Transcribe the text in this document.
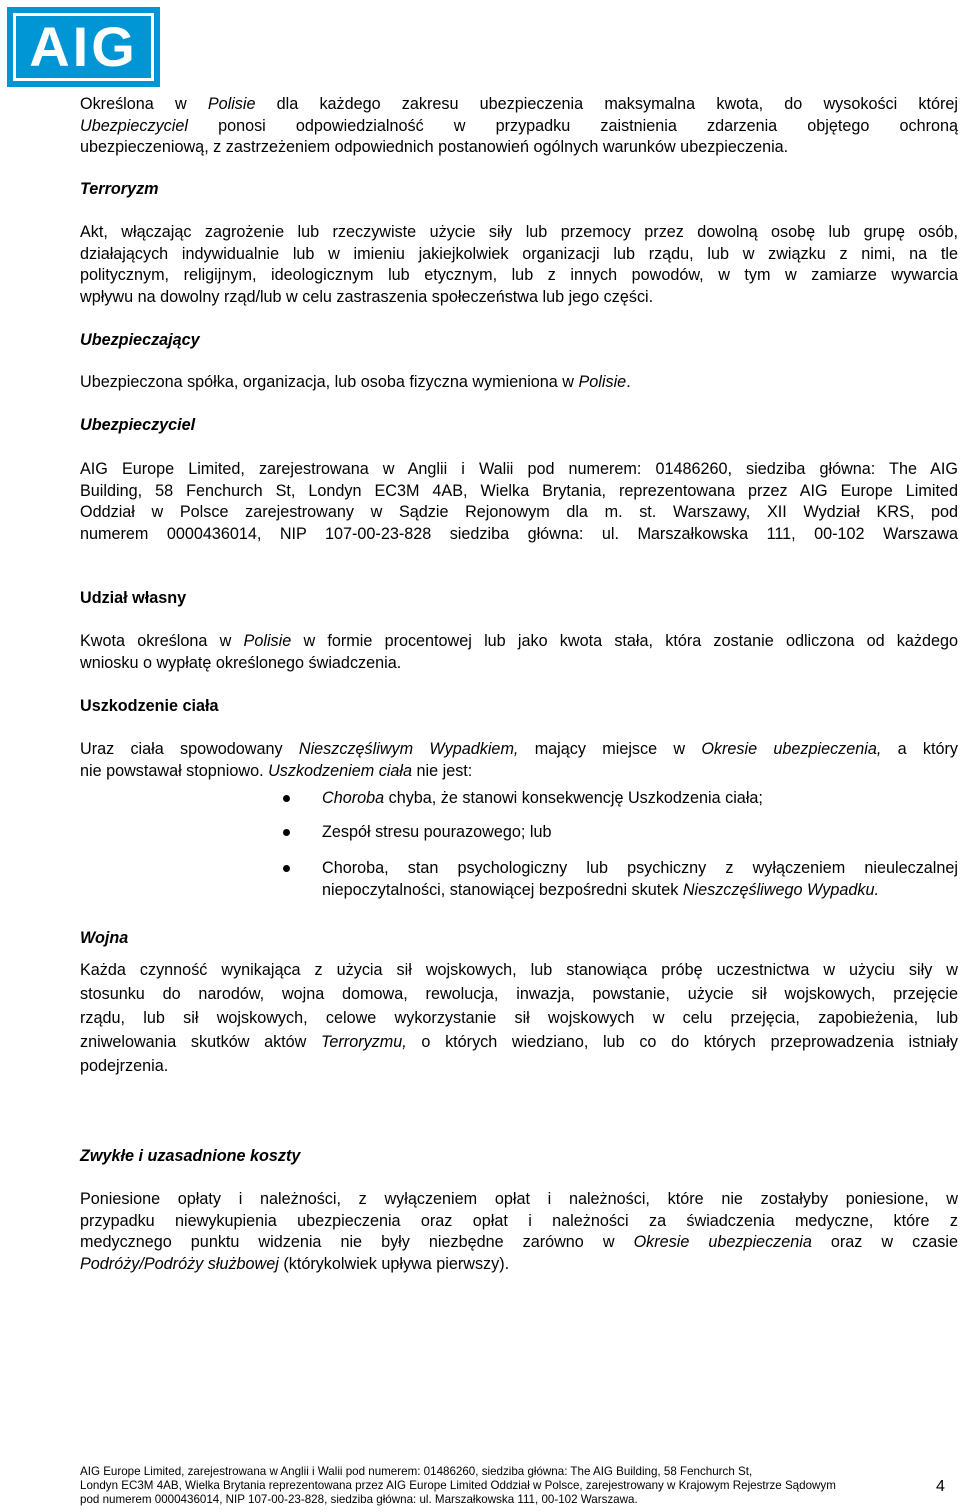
AIG
Określona w Polisie dla każdego zakresu ubezpieczenia maksymalna kwota, do wysokości której
Ubezpieczyciel ponosi odpowiedzialność w przypadku zaistnienia zdarzenia objętego ochroną
ubezpieczeniową, z zastrzeżeniem odpowiednich postanowień ogólnych warunków ubezpieczenia.
Terroryzm
Akt, włączając zagrożenie lub rzeczywiste użycie siły lub przemocy przez dowolną osobę lub grupę osób,
działających indywidualnie lub w imieniu jakiejkolwiek organizacji lub rządu, lub w związku z nimi, na tle
politycznym, religijnym, ideologicznym lub etycznym, lub z innych powodów, w tym w zamiarze wywarcia
wpływu na dowolny rząd/lub w celu zastraszenia społeczeństwa lub jego części.
Ubezpieczający
Ubezpieczona spółka, organizacja, lub osoba fizyczna wymieniona w Polisie.
Ubezpieczyciel
AIG Europe Limited, zarejestrowana w Anglii i Walii pod numerem: 01486260, siedziba główna: The AIG
Building, 58 Fenchurch St, Londyn EC3M 4AB, Wielka Brytania, reprezentowana przez AIG Europe Limited
Oddział w Polsce zarejestrowany w Sądzie Rejonowym dla m. st. Warszawy, XII Wydział KRS, pod
numerem 0000436014, NIP 107-00-23-828 siedziba główna: ul. Marszałkowska 111, 00-102 Warszawa
Udział własny
Kwota określona w Polisie w formie procentowej lub jako kwota stała, która zostanie odliczona od każdego
wniosku o wypłatę określonego świadczenia.
Uszkodzenie ciała
Uraz ciała spowodowany Nieszczęśliwym Wypadkiem, mający miejsce w Okresie ubezpieczenia, a który
nie powstawał stopniowo. Uszkodzeniem ciała nie jest:
Choroba chyba, że stanowi konsekwencję Uszkodzenia ciała;
Zespół stresu pourazowego; lub
Choroba, stan psychologiczny lub psychiczny z wyłączeniem nieuleczalnej
niepoczytalności, stanowiącej bezpośredni skutek Nieszczęśliwego Wypadku.
Wojna
Każda czynność wynikająca z użycia sił wojskowych, lub stanowiąca próbę uczestnictwa w użyciu siły w
stosunku do narodów, wojna domowa, rewolucja, inwazja, powstanie, użycie sił wojskowych, przejęcie
rządu, lub sił wojskowych, celowe wykorzystanie sił wojskowych w celu przejęcia, zapobieżenia, lub
zniwelowania skutków aktów Terroryzmu, o których wiedziano, lub co do których przeprowadzenia istniały
podejrzenia.
Zwykłe i uzasadnione koszty
Poniesione opłaty i należności, z wyłączeniem opłat i należności, które nie zostałyby poniesione, w
przypadku niewykupienia ubezpieczenia oraz opłat i należności za świadczenia medyczne, które z
medycznego punktu widzenia nie były niezbędne zarówno w Okresie ubezpieczenia oraz w czasie
Podróży/Podróży służbowej (którykolwiek upływa pierwszy).
AIG Europe Limited, zarejestrowana w Anglii i Walii pod numerem: 01486260, siedziba główna: The AIG Building, 58 Fenchurch St,
Londyn EC3M 4AB, Wielka Brytania reprezentowana przez AIG Europe Limited Oddział w Polsce, zarejestrowany w Krajowym Rejestrze Sądowym
pod numerem 0000436014, NIP 107-00-23-828, siedziba główna: ul. Marszałkowska 111, 00-102 Warszawa.
4
